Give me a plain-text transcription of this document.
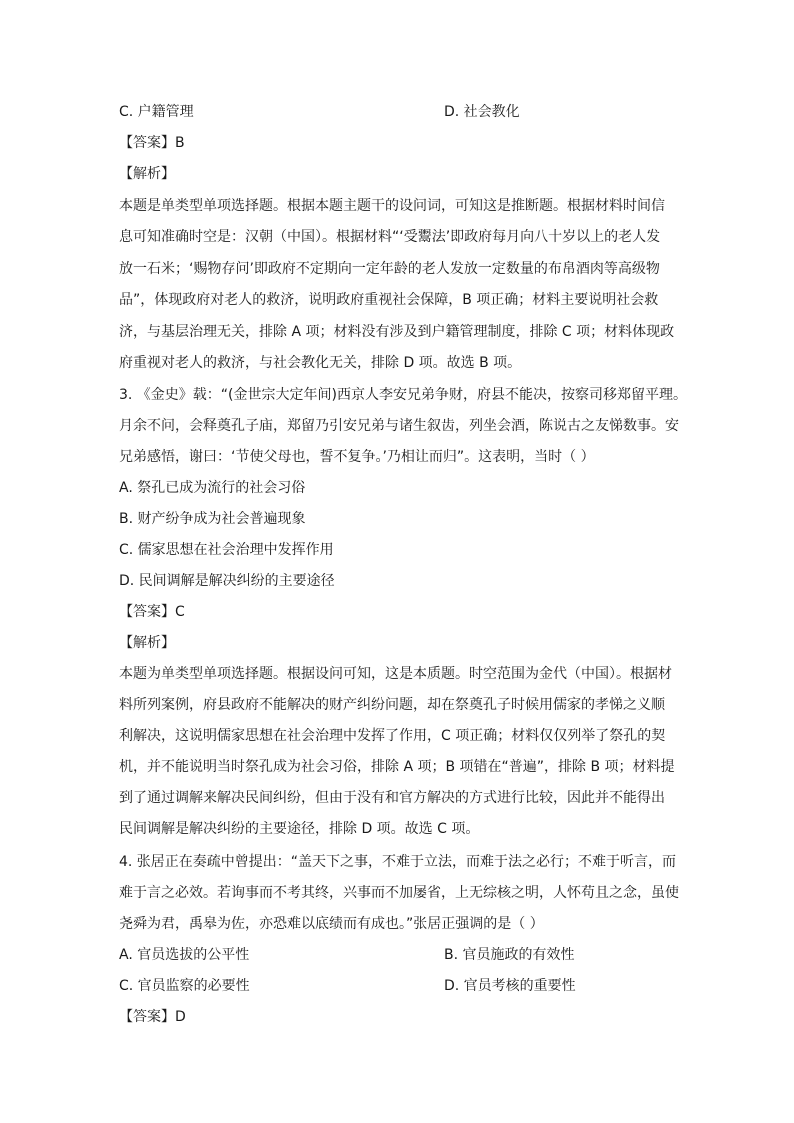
C. 户籍管理	D. 社会教化
【答案】B
【解析】
本题是单类型单项选择题。根据本题主题干的设问词，可知这是推断题。根据材料时间信
息可知准确时空是：汉朝（中国）。根据材料“‘受鬻法’即政府每月向八十岁以上的老人发
放一石米；‘赐物存问’即政府不定期向一定年龄的老人发放一定数量的布帛酒肉等高级物
品”，体现政府对老人的救济，说明政府重视社会保障，B 项正确；材料主要说明社会救
济，与基层治理无关，排除 A 项；材料没有涉及到户籍管理制度，排除 C 项；材料体现政
府重视对老人的救济，与社会教化无关，排除 D 项。故选 B 项。
3. 《金史》载：“(金世宗大定年间)西京人李安兄弟争财，府县不能决，按察司移郑留平理。
月余不问，会释奠孔子庙，郑留乃引安兄弟与诸生叙齿，列坐会酒，陈说古之友悌数事。安
兄弟感悟，谢曰：‘节使父母也，誓不复争。’乃相让而归”。这表明，当时（ ）
A. 祭孔已成为流行的社会习俗
B. 财产纷争成为社会普遍现象
C. 儒家思想在社会治理中发挥作用
D. 民间调解是解决纠纷的主要途径
【答案】C
【解析】
本题为单类型单项选择题。根据设问可知，这是本质题。时空范围为金代（中国）。根据材
料所列案例，府县政府不能解决的财产纠纷问题，却在祭奠孔子时候用儒家的孝悌之义顺
利解决，这说明儒家思想在社会治理中发挥了作用，C 项正确；材料仅仅列举了祭孔的契
机，并不能说明当时祭孔成为社会习俗，排除 A 项；B 项错在“普遍”，排除 B 项；材料提
到了通过调解来解决民间纠纷，但由于没有和官方解决的方式进行比较，因此并不能得出
民间调解是解决纠纷的主要途径，排除 D 项。故选 C 项。
4. 张居正在奏疏中曾提出：“盖天下之事，不难于立法，而难于法之必行；不难于听言，而
难于言之必效。若询事而不考其终，兴事而不加屡省，上无综核之明，人怀苟且之念，虽使
尧舜为君，禹皋为佐，亦恐难以底绩而有成也。”张居正强调的是（ ）
A. 官员选拔的公平性	B. 官员施政的有效性
C. 官员监察的必要性	D. 官员考核的重要性
【答案】D
